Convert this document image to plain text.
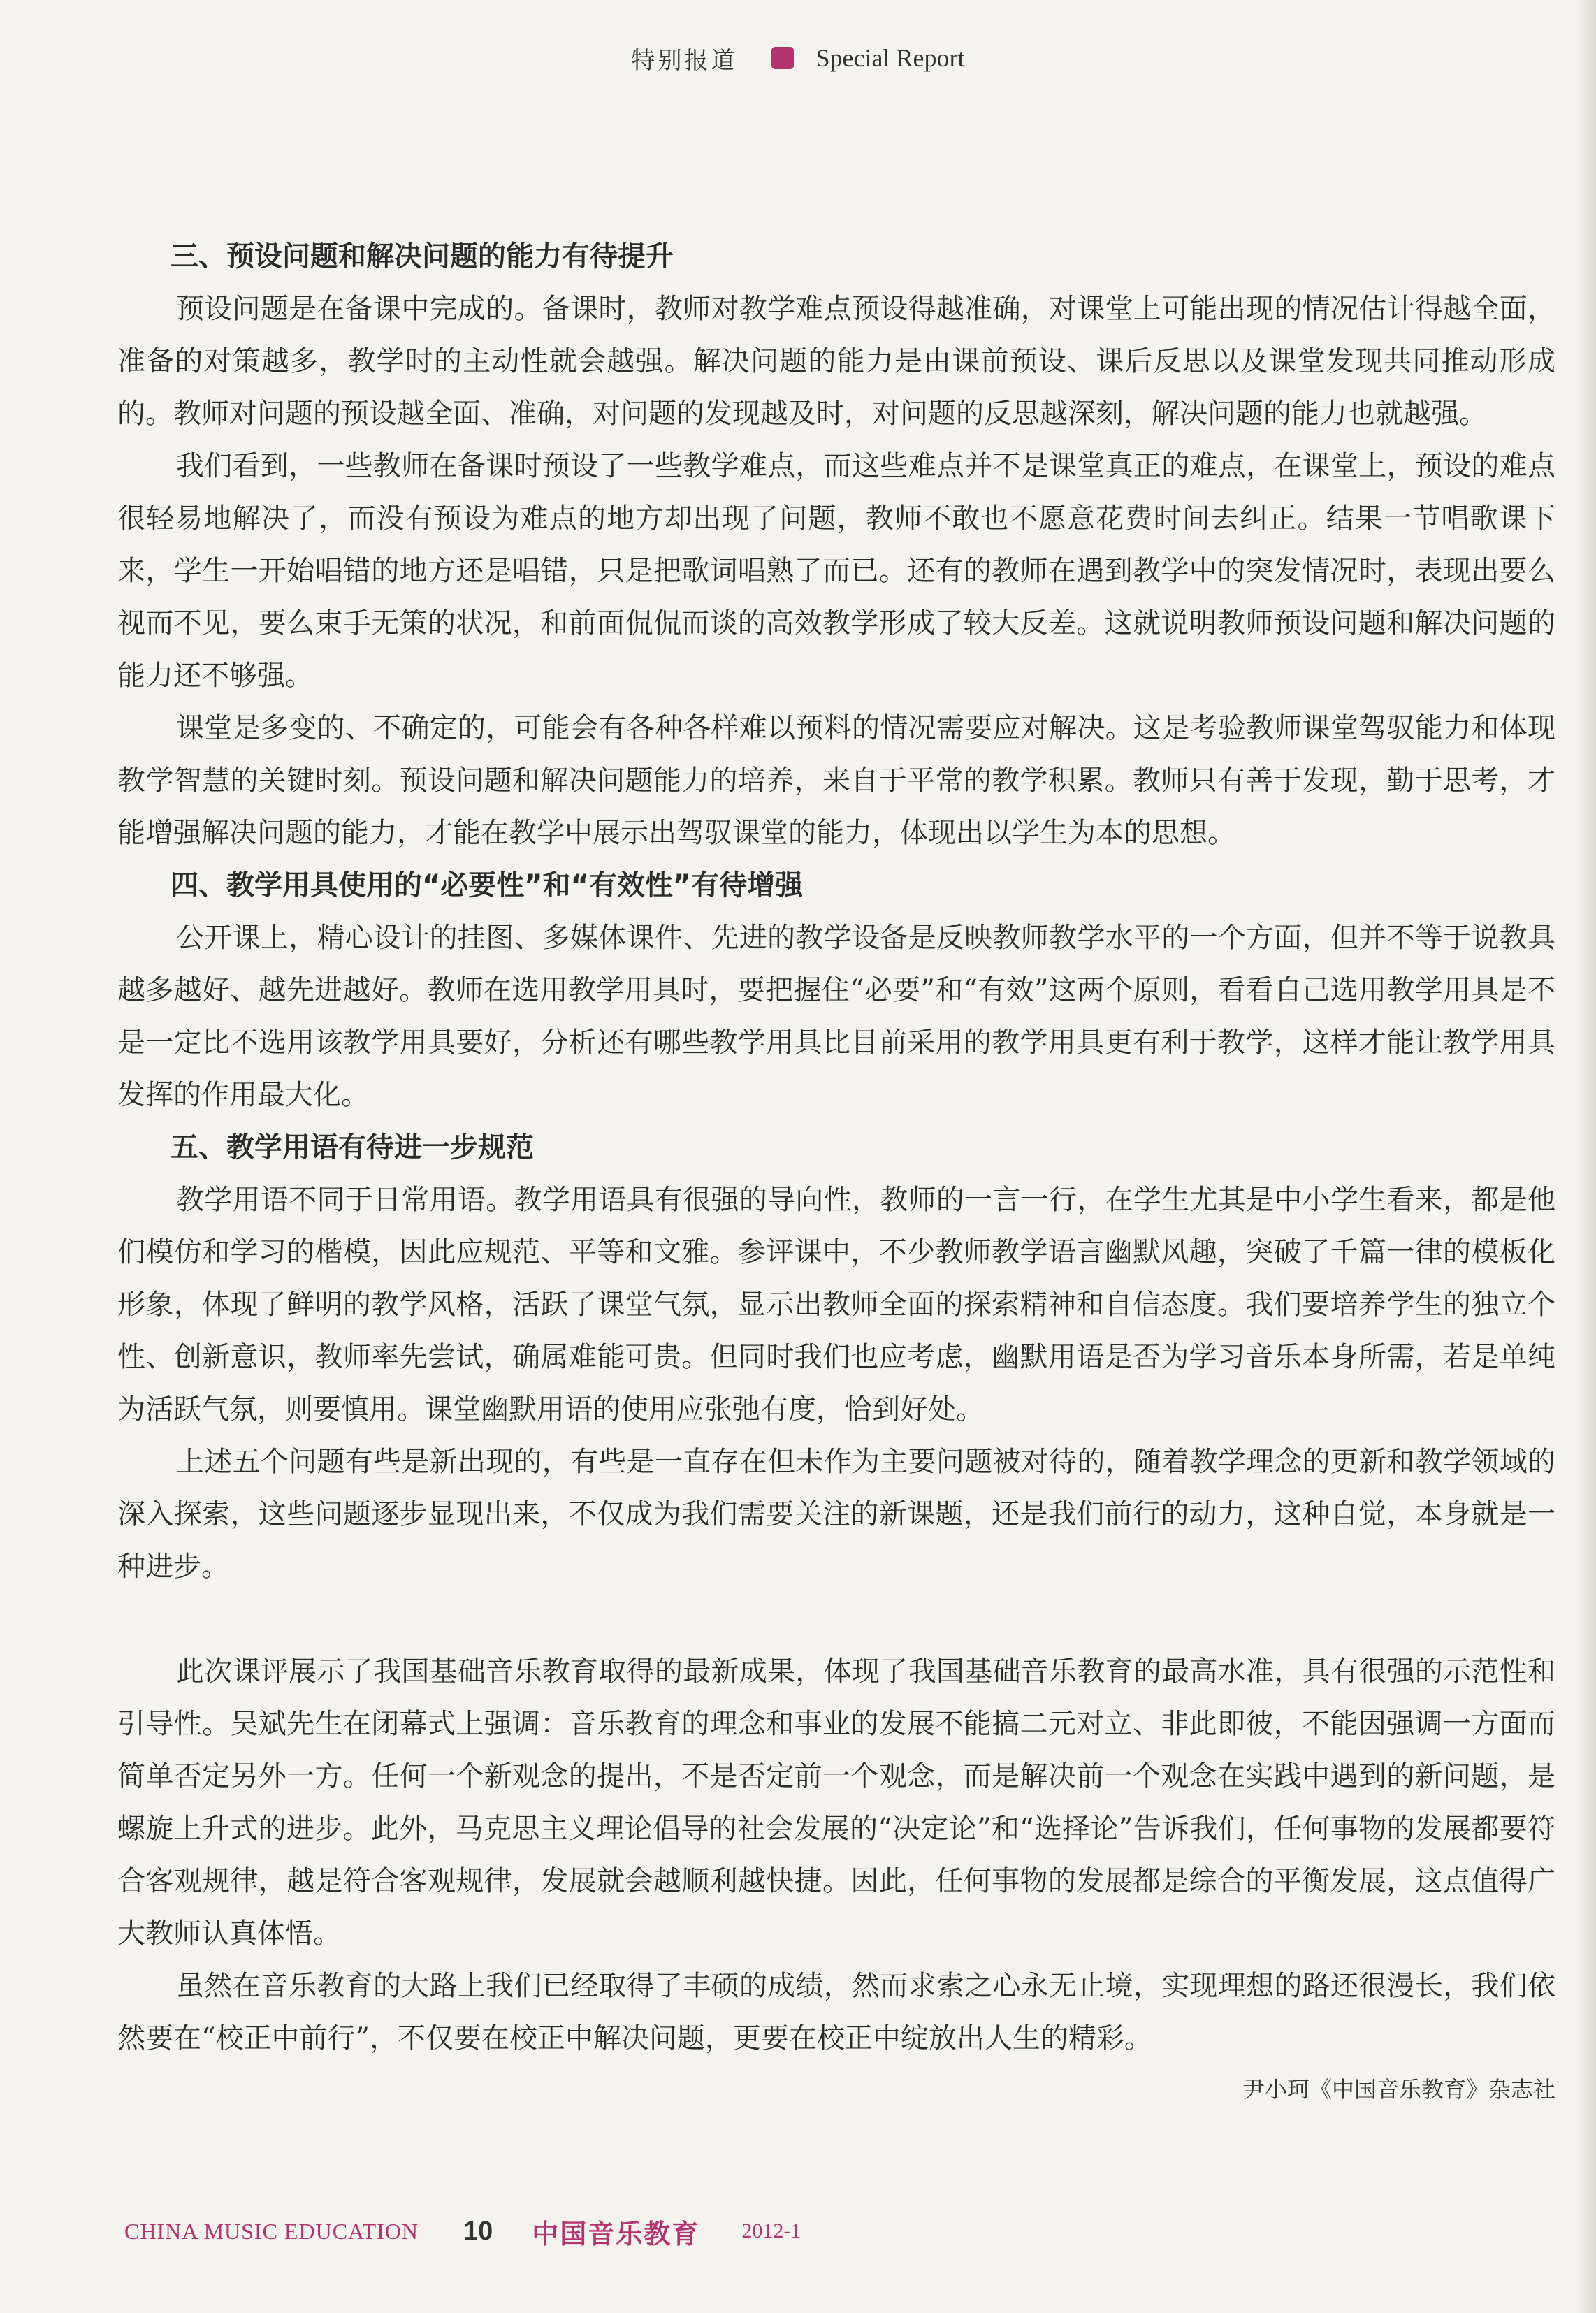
特别报道	Special Report
三、预设问题和解决问题的能力有待提升

预设问题是在备课中完成的。备课时，教师对教学难点预设得越准确，对课堂上可能出现的情况估计得越全面，准备的对策越多，教学时的主动性就会越强。解决问题的能力是由课前预设、课后反思以及课堂发现共同推动形成的。教师对问题的预设越全面、准确，对问题的发现越及时，对问题的反思越深刻，解决问题的能力也就越强。

我们看到，一些教师在备课时预设了一些教学难点，而这些难点并不是课堂真正的难点，在课堂上，预设的难点很轻易地解决了，而没有预设为难点的地方却出现了问题，教师不敢也不愿意花费时间去纠正。结果一节唱歌课下来，学生一开始唱错的地方还是唱错，只是把歌词唱熟了而已。还有的教师在遇到教学中的突发情况时，表现出要么视而不见，要么束手无策的状况，和前面侃侃而谈的高效教学形成了较大反差。这就说明教师预设问题和解决问题的能力还不够强。

课堂是多变的、不确定的，可能会有各种各样难以预料的情况需要应对解决。这是考验教师课堂驾驭能力和体现教学智慧的关键时刻。预设问题和解决问题能力的培养，来自于平常的教学积累。教师只有善于发现，勤于思考，才能增强解决问题的能力，才能在教学中展示出驾驭课堂的能力，体现出以学生为本的思想。

四、教学用具使用的“必要性”和“有效性”有待增强

公开课上，精心设计的挂图、多媒体课件、先进的教学设备是反映教师教学水平的一个方面，但并不等于说教具越多越好、越先进越好。教师在选用教学用具时，要把握住“必要”和“有效”这两个原则，看看自己选用教学用具是不是一定比不选用该教学用具要好，分析还有哪些教学用具比目前采用的教学用具更有利于教学，这样才能让教学用具发挥的作用最大化。

五、教学用语有待进一步规范

教学用语不同于日常用语。教学用语具有很强的导向性，教师的一言一行，在学生尤其是中小学生看来，都是他们模仿和学习的楷模，因此应规范、平等和文雅。参评课中，不少教师教学语言幽默风趣，突破了千篇一律的模板化形象，体现了鲜明的教学风格，活跃了课堂气氛，显示出教师全面的探索精神和自信态度。我们要培养学生的独立个性、创新意识，教师率先尝试，确属难能可贵。但同时我们也应考虑，幽默用语是否为学习音乐本身所需，若是单纯为活跃气氛，则要慎用。课堂幽默用语的使用应张弛有度，恰到好处。

上述五个问题有些是新出现的，有些是一直存在但未作为主要问题被对待的，随着教学理念的更新和教学领域的深入探索，这些问题逐步显现出来，不仅成为我们需要关注的新课题，还是我们前行的动力，这种自觉，本身就是一种进步。

此次课评展示了我国基础音乐教育取得的最新成果，体现了我国基础音乐教育的最高水准，具有很强的示范性和引导性。吴斌先生在闭幕式上强调：音乐教育的理念和事业的发展不能搞二元对立、非此即彼，不能因强调一方面而简单否定另外一方。任何一个新观念的提出，不是否定前一个观念，而是解决前一个观念在实践中遇到的新问题，是螺旋上升式的进步。此外，马克思主义理论倡导的社会发展的“决定论”和“选择论”告诉我们，任何事物的发展都要符合客观规律，越是符合客观规律，发展就会越顺利越快捷。因此，任何事物的发展都是综合的平衡发展，这点值得广大教师认真体悟。

虽然在音乐教育的大路上我们已经取得了丰硕的成绩，然而求索之心永无止境，实现理想的路还很漫长，我们依然要在“校正中前行”，不仅要在校正中解决问题，更要在校正中绽放出人生的精彩。

尹小珂《中国音乐教育》杂志社
CHINA MUSIC EDUCATION 10 中国音乐教育 2012-1
